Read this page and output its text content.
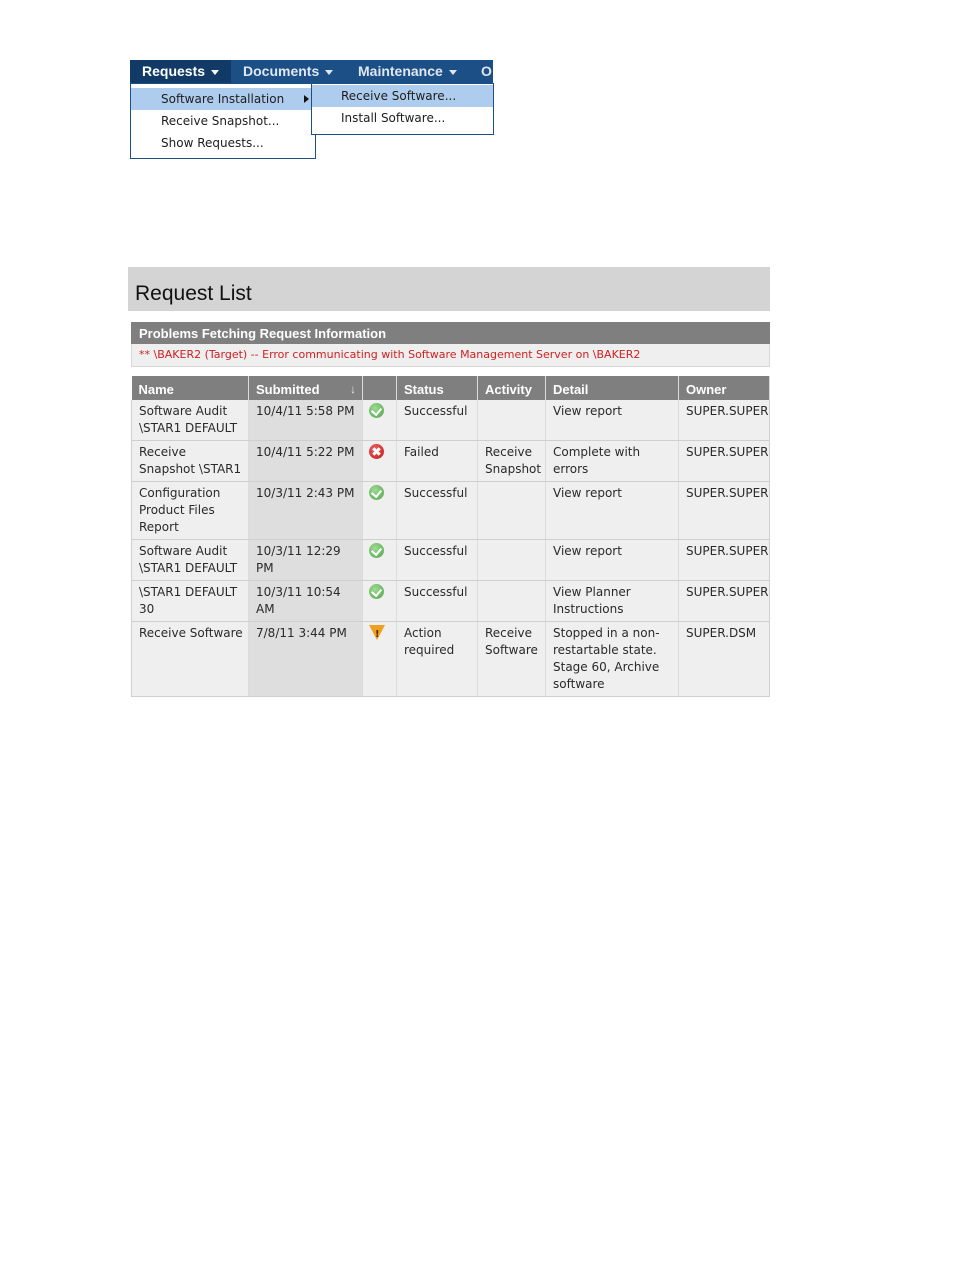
Requests	Documents	Maintenance	O
Software Installation
Receive Snapshot...
Show Requests...
Receive Software...
Install Software...
Request List
Problems Fetching Request Information
** \BAKER2 (Target) -- Error communicating with Software Management Server on \BAKER2
Name	Submitted ↓		Status	Activity	Detail	Owner
Software Audit \STAR1 DEFAULT	10/4/11 5:58 PM		Successful		View report	SUPER.SUPER
Receive Snapshot \STAR1	10/4/11 5:22 PM		Failed	Receive Snapshot	Complete with errors	SUPER.SUPER
Configuration Product Files Report	10/3/11 2:43 PM		Successful		View report	SUPER.SUPER
Software Audit \STAR1 DEFAULT	10/3/11 12:29 PM		Successful		View report	SUPER.SUPER
\STAR1 DEFAULT 30	10/3/11 10:54 AM		Successful		View Planner Instructions	SUPER.SUPER
Receive Software	7/8/11 3:44 PM	!	Action required	Receive Software	Stopped in a non-restartable state. Stage 60, Archive software	SUPER.DSM
